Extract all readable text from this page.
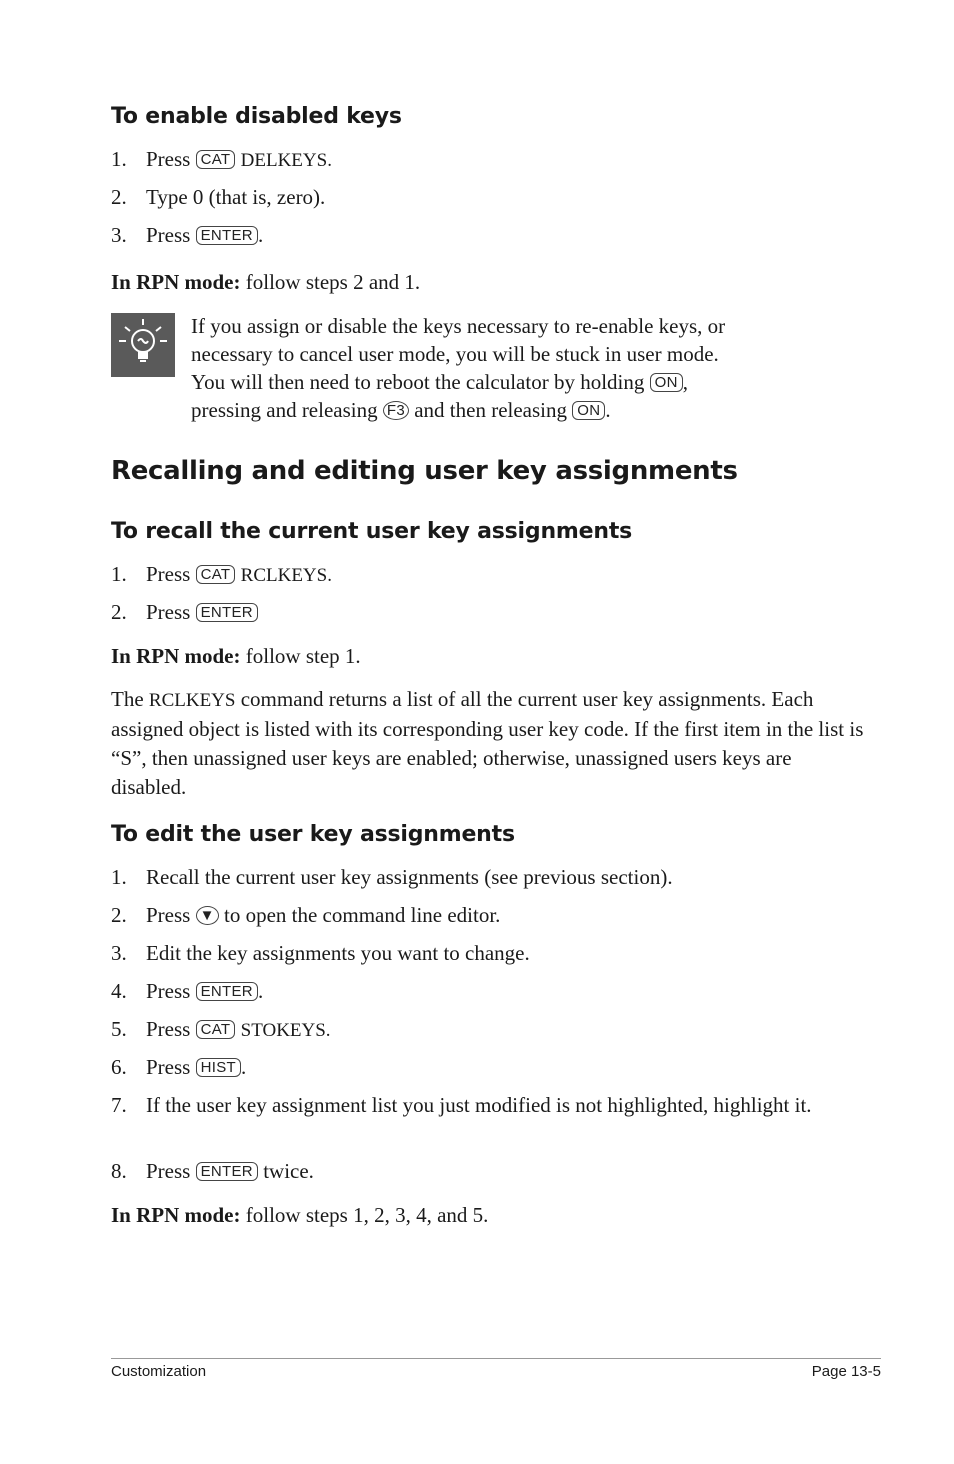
To enable disabled keys
1. Press CAT DELKEYS.
2. Type 0 (that is, zero).
3. Press ENTER .
In RPN mode: follow steps 2 and 1.
If you assign or disable the keys necessary to re-enable keys, or
necessary to cancel user mode, you will be stuck in user mode.
You will then need to reboot the calculator by holding ON ,
pressing and releasing F3 and then releasing ON .
Recalling and editing user key assignments
To recall the current user key assignments
1. Press CAT RCLKEYS.
2. Press ENTER
In RPN mode: follow step 1.

The RCLKEYS command returns a list of all the current user key assignments. Each assigned object is listed with its corresponding user key code. If the first item in the list is “S”, then unassigned user keys are enabled; otherwise, unassigned users keys are disabled.

To edit the user key assignments
1. Recall the current user key assignments (see previous section).
2. Press ▼ to open the command line editor.
3. Edit the key assignments you want to change.
4. Press ENTER .
5. Press CAT STOKEYS.
6. Press HIST .
7. If the user key assignment list you just modified is not highlighted, highlight it.
8. Press ENTER twice.
In RPN mode: follow steps 1, 2, 3, 4, and 5.
Customization	Page 13-5
